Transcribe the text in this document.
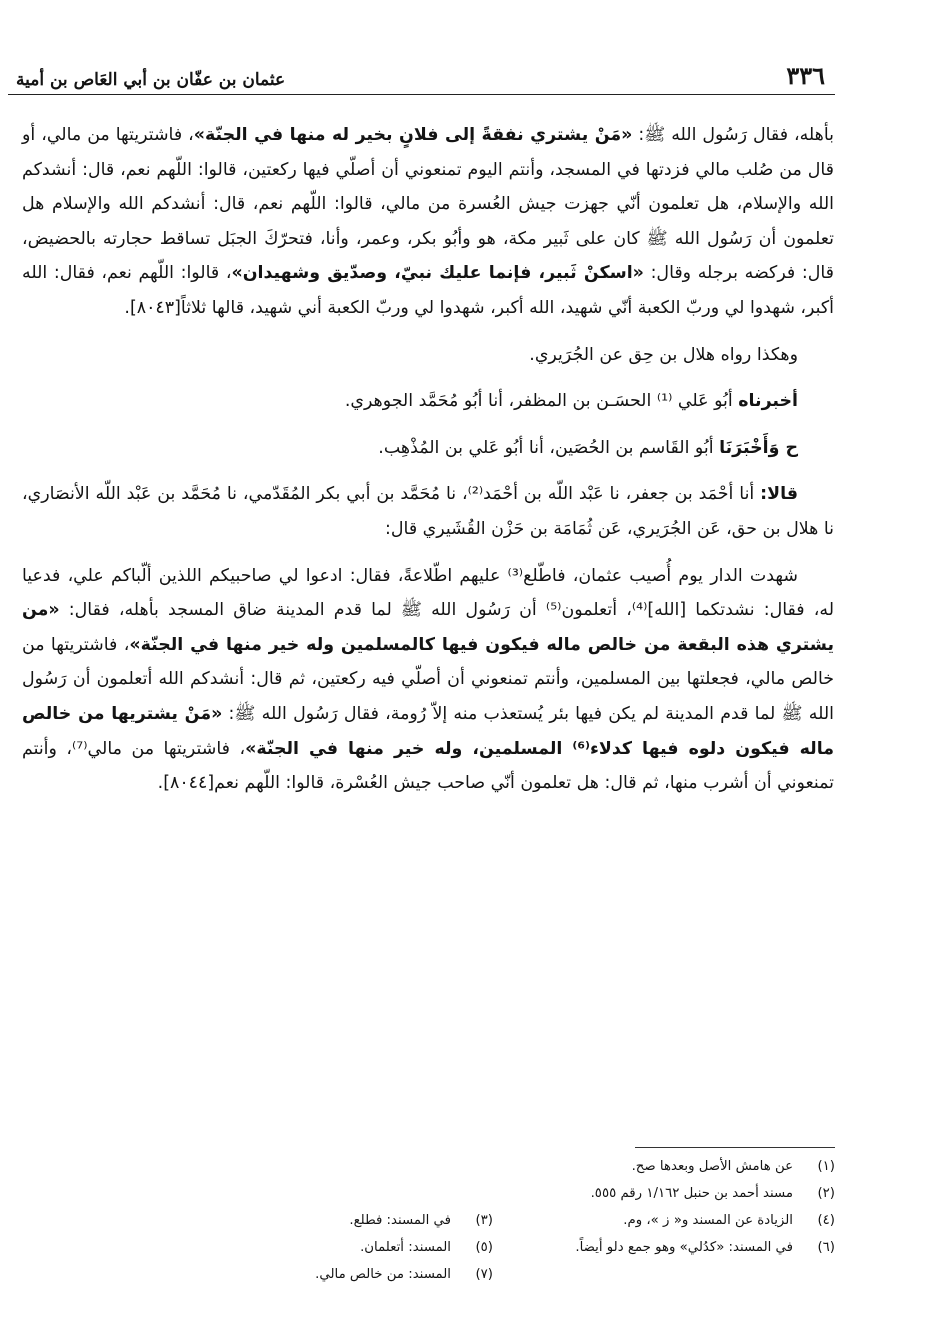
عثمان بن عفّان بن أبي العَاص بن أمية	٣٣٦

بأهله، فقال رَسُول الله ﷺ: «مَنْ يشتري نفقةً إلى فلانٍ بخير له منها في الجنّة»، فاشتريتها من مالي، أو قال من صُلب مالي فزدتها في المسجد، وأنتم اليوم تمنعوني أن أصلّي فيها ركعتين، قالوا: اللّهم نعم، قال: أنشدكم الله والإسلام، هل تعلمون أنّي جهزت جيش العُسرة من مالي، قالوا: اللّهم نعم، قال: أنشدكم الله والإسلام هل تعلمون أن رَسُول الله ﷺ كان على ثَبير مكة، هو وأبُو بكر، وعمر، وأنا، فتحرّكَ الجبَل تساقط حجارته بالحضيض، قال: فركضه برجله وقال: «اسكنْ ثَبير، فإنما عليك نبيّ، وصدّيق وشهيدان»، قالوا: اللّهم نعم، فقال: الله أكبر، شهدوا لي وربّ الكعبة أنّي شهيد، الله أكبر، شهدوا لي وربّ الكعبة أني شهيد، قالها ثلاثاً[٨٠٤٣].

وهكذا رواه هلال بن حِق عن الجُرَيري.

أخبرناه أبُو عَلي ⁽¹⁾ الحسَـن بن المظفر، أنا أبُو مُحَمَّد الجوهري.

ح وَأَخْبَرَنَا أبُو القَاسم بن الحُصَين، أنا أبُو عَلي بن المُذْهِب.

قالا: أنا أحْمَد بن جعفر، نا عَبْد اللّه بن أحْمَد⁽²⁾، نا مُحَمَّد بن أبي بكر المُقَدّمي، نا مُحَمَّد بن عَبْد اللّه الأنصَاري، نا هلال بن حق، عَن الجُرَيري، عَن ثُمَامَة بن حَزْن القُشَيري قال:

شهدت الدار يوم أُصيب عثمان، فاطّلع⁽³⁾ عليهم اطّلاعةً، فقال: ادعوا لي صاحبيكم اللذين ألّباكم علي، فدعيا له، فقال: نشدتكما [الله]⁽⁴⁾، أتعلمون⁽⁵⁾ أن رَسُول الله ﷺ لما قدم المدينة ضاق المسجد بأهله، فقال: «من يشتري هذه البقعة من خالص ماله فيكون فيها كالمسلمين وله خير منها في الجنّة»، فاشتريتها من خالص مالي، فجعلتها بين المسلمين، وأنتم تمنعوني أن أصلّي فيه ركعتين، ثم قال: أنشدكم الله أتعلمون أن رَسُول الله ﷺ لما قدم المدينة لم يكن فيها بئر يُستعذب منه إلاّ رُومة، فقال رَسُول الله ﷺ: «مَنْ يشتريها من خالص ماله فيكون دلوه فيها كدلاء⁽⁶⁾ المسلمين، وله خير منها في الجنّة»، فاشتريتها من مالي⁽⁷⁾، وأنتم تمنعوني أن أشرب منها، ثم قال: هل تعلمون أنّي صاحب جيش العُسْرة، قالوا: اللّهم نعم[٨٠٤٤].

(١)عن هامش الأصل وبعدها صح.
(٢)مسند أحمد بن حنبل ١/١٦٢ رقم ٥٥٥.
(٤)الزيادة عن المسند و« ز »، وم.
(٣)في المسند: فطلع.
(٦)في المسند: «كدُلي» وهو جمع دلو أيضاً.
(٥)المسند: أتعلمان.
(٧)المسند: من خالص مالي.
